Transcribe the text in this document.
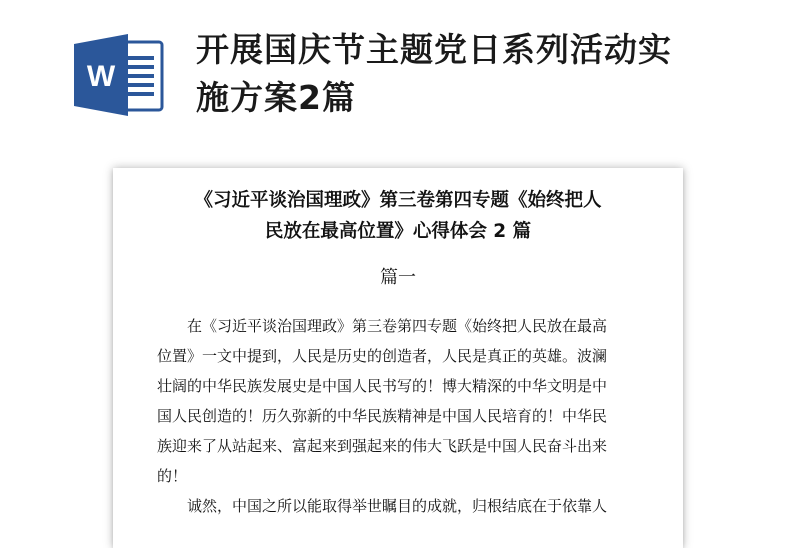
W
开展国庆节主题党日系列活动实
施方案2篇
《习近平谈治国理政》第三卷第四专题《始终把人
民放在最高位置》心得体会 2 篇
篇一

在《习近平谈治国理政》第三卷第四专题《始终把人民放在最高
位置》一文中提到，人民是历史的创造者，人民是真正的英雄。波澜
壮阔的中华民族发展史是中国人民书写的！博大精深的中华文明是中
国人民创造的！历久弥新的中华民族精神是中国人民培育的！中华民
族迎来了从站起来、富起来到强起来的伟大飞跃是中国人民奋斗出来
的！

诚然，中国之所以能取得举世瞩目的成就，归根结底在于依靠人
